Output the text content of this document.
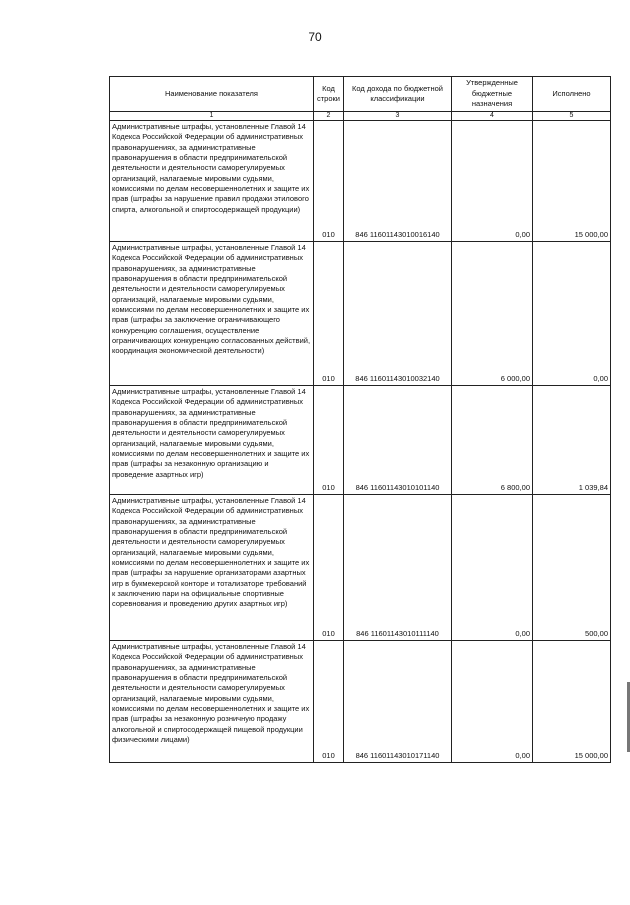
70
Наименование показателя	Код строки	Код дохода по бюджетной классификации	Утвержденные бюджетные назначения	Исполнено
1	2	3	4	5
Административные штрафы, установленные Главой 14 Кодекса Российской Федерации об административных правонарушениях, за административные правонарушения в области предпринимательской деятельности и деятельности саморегулируемых организаций, налагаемые мировыми судьями, комиссиями по делам несовершеннолетних и защите их прав (штрафы за нарушение правил продажи этилового спирта, алкогольной и спиртосодержащей продукции)	010	846 11601143010016140	0,00	15 000,00
Административные штрафы, установленные Главой 14 Кодекса Российской Федерации об административных правонарушениях, за административные правонарушения в области предпринимательской деятельности и деятельности саморегулируемых организаций, налагаемые мировыми судьями, комиссиями по делам несовершеннолетних и защите их прав (штрафы за заключение ограничивающего конкуренцию соглашения, осуществление ограничивающих конкуренцию согласованных действий, координация экономической деятельности)	010	846 11601143010032140	6 000,00	0,00
Административные штрафы, установленные Главой 14 Кодекса Российской Федерации об административных правонарушениях, за административные правонарушения в области предпринимательской деятельности и деятельности саморегулируемых организаций, налагаемые мировыми судьями, комиссиями по делам несовершеннолетних и защите их прав (штрафы за незаконную организацию и проведение азартных игр)	010	846 11601143010101140	6 800,00	1 039,84
Административные штрафы, установленные Главой 14 Кодекса Российской Федерации об административных правонарушениях, за административные правонарушения в области предпринимательской деятельности и деятельности саморегулируемых организаций, налагаемые мировыми судьями, комиссиями по делам несовершеннолетних и защите их прав (штрафы за нарушение организаторами азартных игр в букмекерской конторе и тотализаторе требований к заключению пари на официальные спортивные соревнования и проведению других азартных игр)	010	846 11601143010111140	0,00	500,00
Административные штрафы, установленные Главой 14 Кодекса Российской Федерации об административных правонарушениях, за административные правонарушения в области предпринимательской деятельности и деятельности саморегулируемых организаций, налагаемые мировыми судьями, комиссиями по делам несовершеннолетних и защите их прав (штрафы за незаконную розничную продажу алкогольной и спиртосодержащей пищевой продукции физическими лицами)	010	846 11601143010171140	0,00	15 000,00
